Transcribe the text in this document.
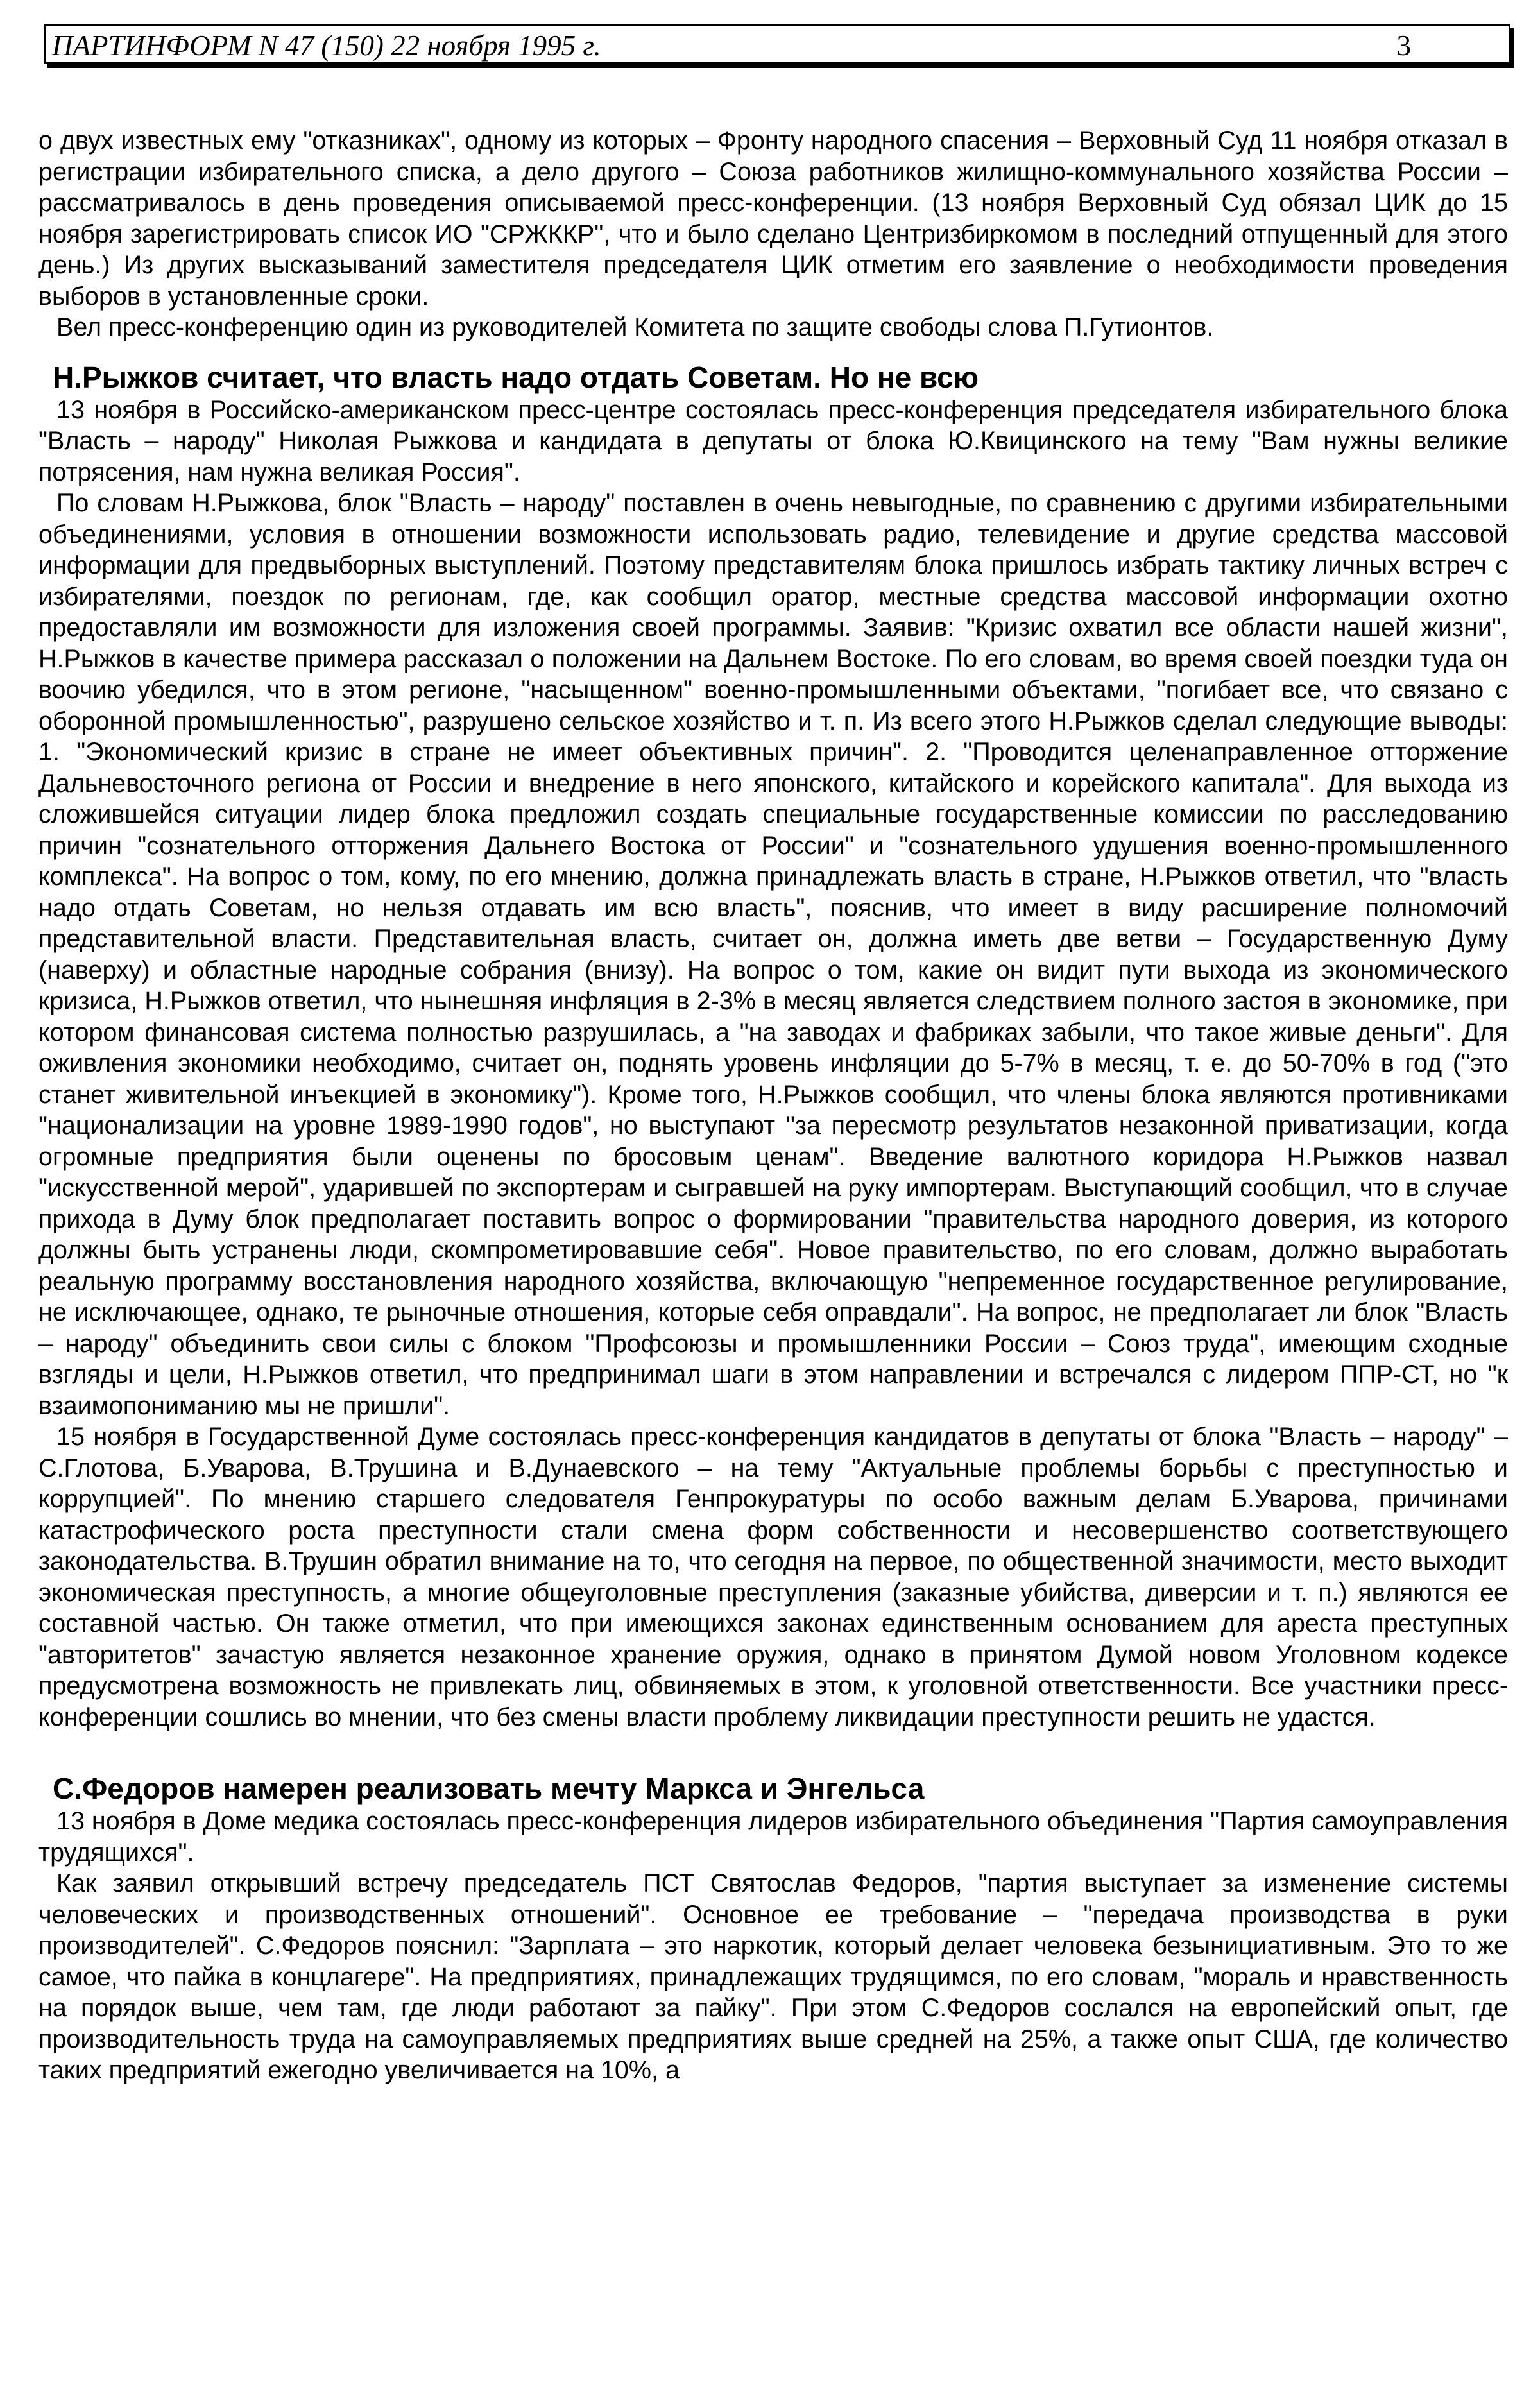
ПАРТИНФОРМ N 47 (150) 22 ноября 1995 г.	3

о двух известных ему "отказниках", одному из которых – Фронту народного спасения – Верховный Суд 11 ноября отказал в регистрации избирательного списка, а дело другого – Союза работников жилищно-коммунального хозяйства России – рассматривалось в день проведения описываемой пресс-конференции. (13 ноября Верховный Суд обязал ЦИК до 15 ноября зарегистрировать список ИО "СРЖККР", что и было сделано Центризбиркомом в последний отпущенный для этого день.) Из других высказываний заместителя председателя ЦИК отметим его заявление о необходимости проведения выборов в установленные сроки.

Вел пресс-конференцию один из руководителей Комитета по защите свободы слова П.Гутионтов.

Н.Рыжков считает, что власть надо отдать Советам. Но не всю

13 ноября в Российско-американском пресс-центре состоялась пресс-конференция председателя избирательного блока "Власть – народу" Николая Рыжкова и кандидата в депутаты от блока Ю.Квицинского на тему "Вам нужны великие потрясения, нам нужна великая Россия".

По словам Н.Рыжкова, блок "Власть – народу" поставлен в очень невыгодные, по сравнению с другими избирательными объединениями, условия в отношении возможности использовать радио, телевидение и другие средства массовой информации для предвыборных выступлений. Поэтому представителям блока пришлось избрать тактику личных встреч с избирателями, поездок по регионам, где, как сообщил оратор, местные средства массовой информации охотно предоставляли им возможности для изложения своей программы. Заявив: "Кризис охватил все области нашей жизни", Н.Рыжков в качестве примера рассказал о положении на Дальнем Востоке. По его словам, во время своей поездки туда он воочию убедился, что в этом регионе, "насыщенном" военно-промышленными объектами, "погибает все, что связано с оборонной промышленностью", разрушено сельское хозяйство и т. п. Из всего этого Н.Рыжков сделал следующие выводы: 1. "Экономический кризис в стране не имеет объективных причин". 2. "Проводится целенаправленное отторжение Дальневосточного региона от России и внедрение в него японского, китайского и корейского капитала". Для выхода из сложившейся ситуации лидер блока предложил создать специальные государственные комиссии по расследованию причин "сознательного отторжения Дальнего Востока от России" и "сознательного удушения военно-промышленного комплекса". На вопрос о том, кому, по его мнению, должна принадлежать власть в стране, Н.Рыжков ответил, что "власть надо отдать Советам, но нельзя отдавать им всю власть", пояснив, что имеет в виду расширение полномочий представительной власти. Представительная власть, считает он, должна иметь две ветви – Государственную Думу (наверху) и областные народные собрания (внизу). На вопрос о том, какие он видит пути выхода из экономического кризиса, Н.Рыжков ответил, что нынешняя инфляция в 2-3% в месяц является следствием полного застоя в экономике, при котором финансовая система полностью разрушилась, а "на заводах и фабриках забыли, что такое живые деньги". Для оживления экономики необходимо, считает он, поднять уровень инфляции до 5-7% в месяц, т. е. до 50-70% в год ("это станет живительной инъекцией в экономику"). Кроме того, Н.Рыжков сообщил, что члены блока являются противниками "национализации на уровне 1989-1990 годов", но выступают "за пересмотр результатов незаконной приватизации, когда огромные предприятия были оценены по бросовым ценам". Введение валютного коридора Н.Рыжков назвал "искусственной мерой", ударившей по экспортерам и сыгравшей на руку импортерам. Выступающий сообщил, что в случае прихода в Думу блок предполагает поставить вопрос о формировании "правительства народного доверия, из которого должны быть устранены люди, скомпрометировавшие себя". Новое правительство, по его словам, должно выработать реальную программу восстановления народного хозяйства, включающую "непременное государственное регулирование, не исключающее, однако, те рыночные отношения, которые себя оправдали". На вопрос, не предполагает ли блок "Власть – народу" объединить свои силы с блоком "Профсоюзы и промышленники России – Союз труда", имеющим сходные взгляды и цели, Н.Рыжков ответил, что предпринимал шаги в этом направлении и встречался с лидером ППР-СТ, но "к взаимопониманию мы не пришли".

15 ноября в Государственной Думе состоялась пресс-конференция кандидатов в депутаты от блока "Власть – народу" – С.Глотова, Б.Уварова, В.Трушина и В.Дунаевского – на тему "Актуальные проблемы борьбы с преступностью и коррупцией". По мнению старшего следователя Генпрокуратуры по особо важным делам Б.Уварова, причинами катастрофического роста преступности стали смена форм собственности и несовершенство соответствующего законодательства. В.Трушин обратил внимание на то, что сегодня на первое, по общественной значимости, место выходит экономическая преступность, а многие общеуголовные преступления (заказные убийства, диверсии и т. п.) являются ее составной частью. Он также отметил, что при имеющихся законах единственным основанием для ареста преступных "авторитетов" зачастую является незаконное хранение оружия, однако в принятом Думой новом Уголовном кодексе предусмотрена возможность не привлекать лиц, обвиняемых в этом, к уголовной ответственности. Все участники пресс-конференции сошлись во мнении, что без смены власти проблему ликвидации преступности решить не удастся.

С.Федоров намерен реализовать мечту Маркса и Энгельса

13 ноября в Доме медика состоялась пресс-конференция лидеров избирательного объединения "Партия самоуправления трудящихся".

Как заявил открывший встречу председатель ПСТ Святослав Федоров, "партия выступает за изменение системы человеческих и производственных отношений". Основное ее требование – "передача производства в руки производителей". С.Федоров пояснил: "Зарплата – это наркотик, который делает человека безынициативным. Это то же самое, что пайка в концлагере". На предприятиях, принадлежащих трудящимся, по его словам, "мораль и нравственность на порядок выше, чем там, где люди работают за пайку". При этом С.Федоров сослался на европейский опыт, где производительность труда на самоуправляемых предприятиях выше средней на 25%, а также опыт США, где количество таких предприятий ежегодно увеличивается на 10%, а
